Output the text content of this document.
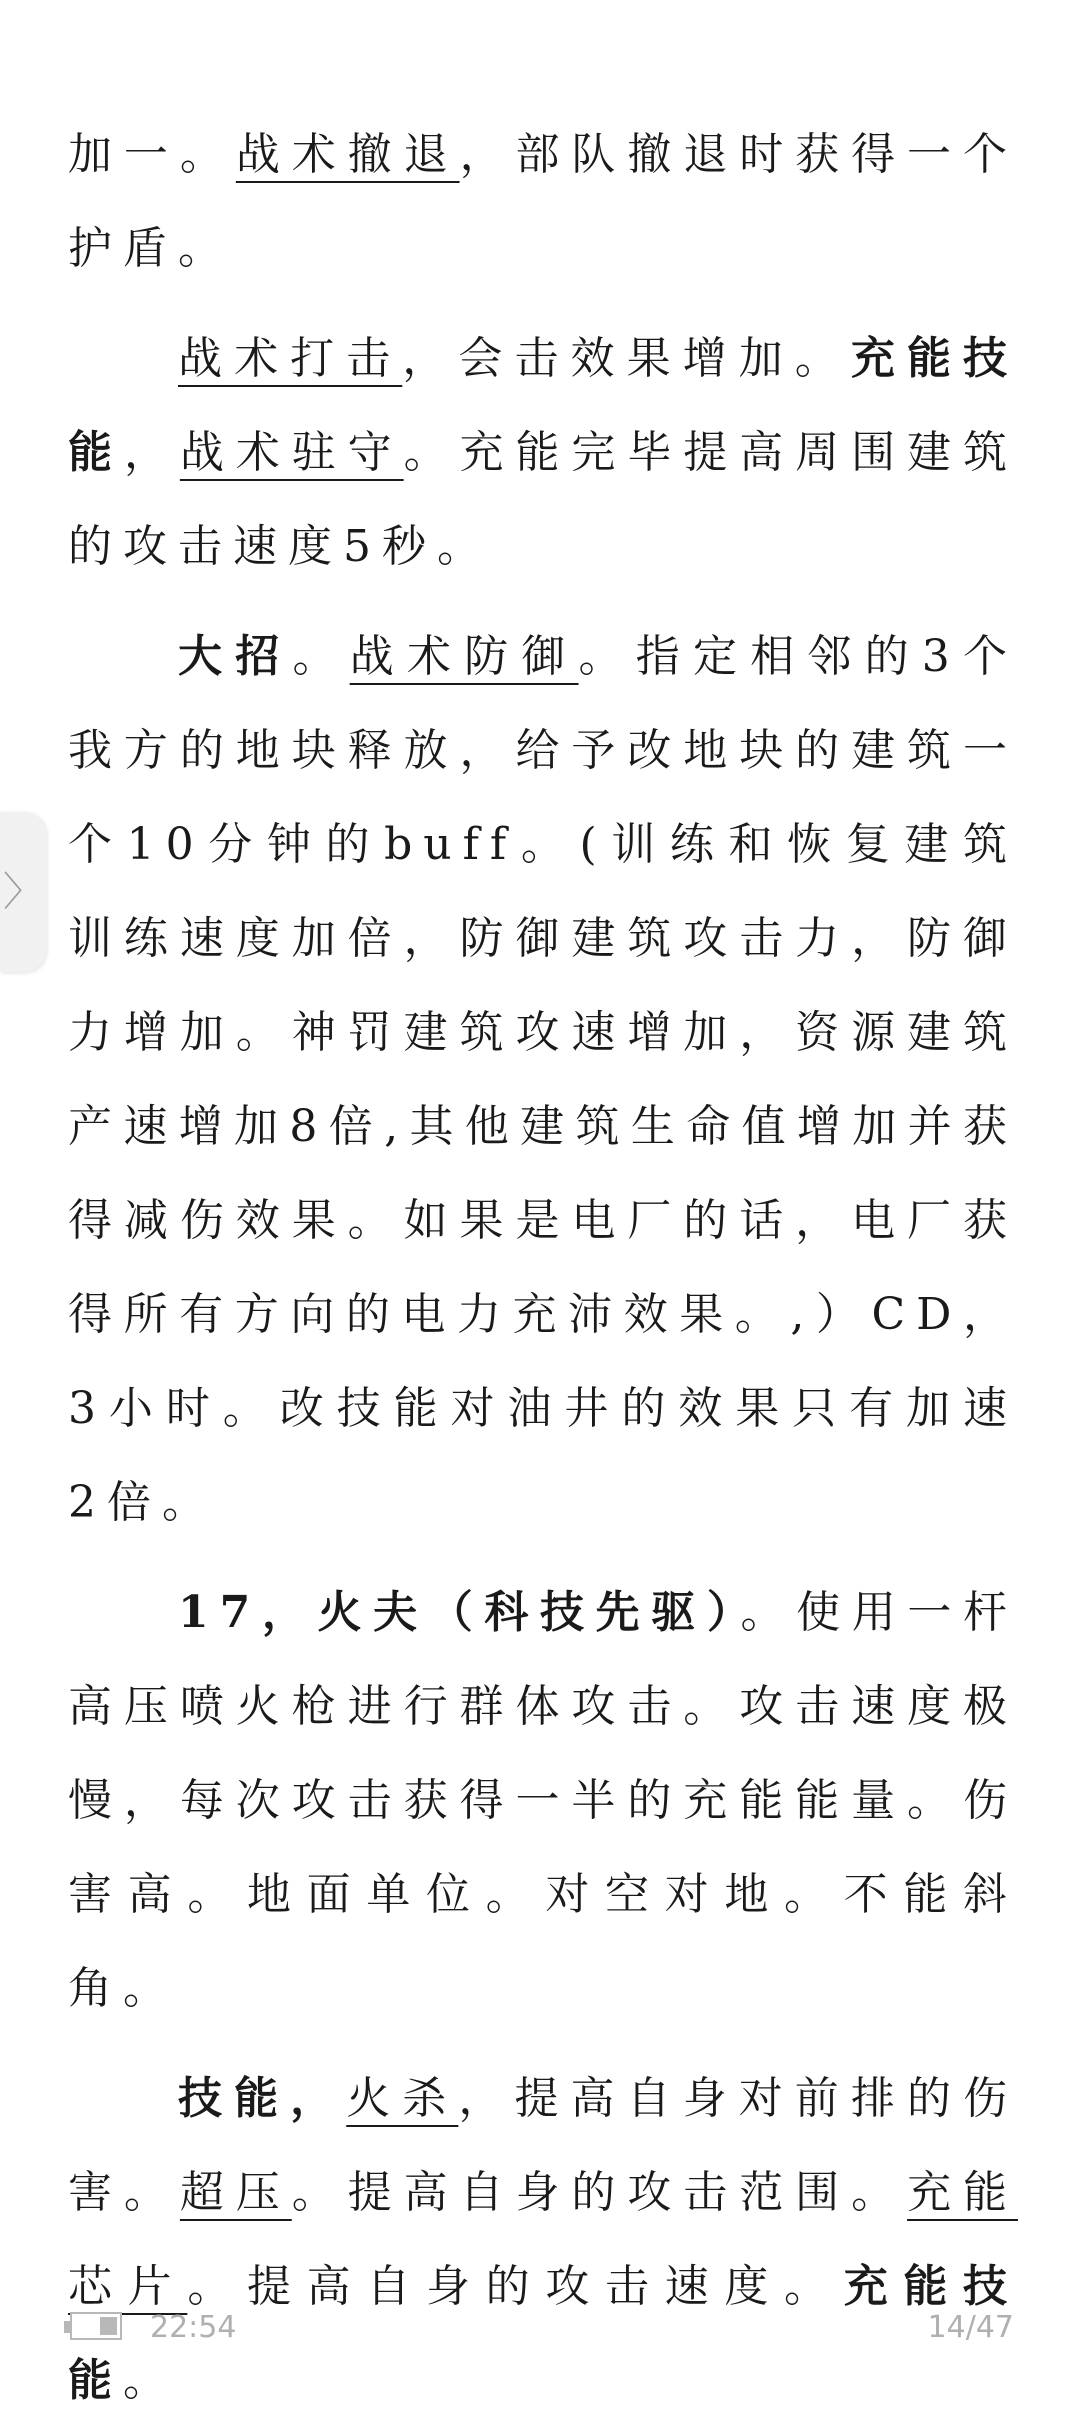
加一。战术撤退，部队撤退时获得一个护盾。

战术打击，会击效果增加。充能技能，战术驻守。充能完毕提高周围建筑的攻击速度5秒。

大招。战术防御。指定相邻的3个我方的地块释放，给予改地块的建筑一个10分钟的buff。(训练和恢复建筑训练速度加倍，防御建筑攻击力，防御力增加。神罚建筑攻速增加，资源建筑产速增加8倍,其他建筑生命值增加并获得减伤效果。如果是电厂的话，电厂获得所有方向的电力充沛效果。,）CD，3小时。改技能对油井的效果只有加速2倍。

17，火夫（科技先驱）。使用一杆高压喷火枪进行群体攻击。攻击速度极慢，每次攻击获得一半的充能能量。伤害高。地面单位。对空对地。不能斜角。

技能，火杀，提高自身对前排的伤害。超压。提高自身的攻击范围。充能芯片。提高自身的攻击速度。充能技能。

〉
22:54	14/47
